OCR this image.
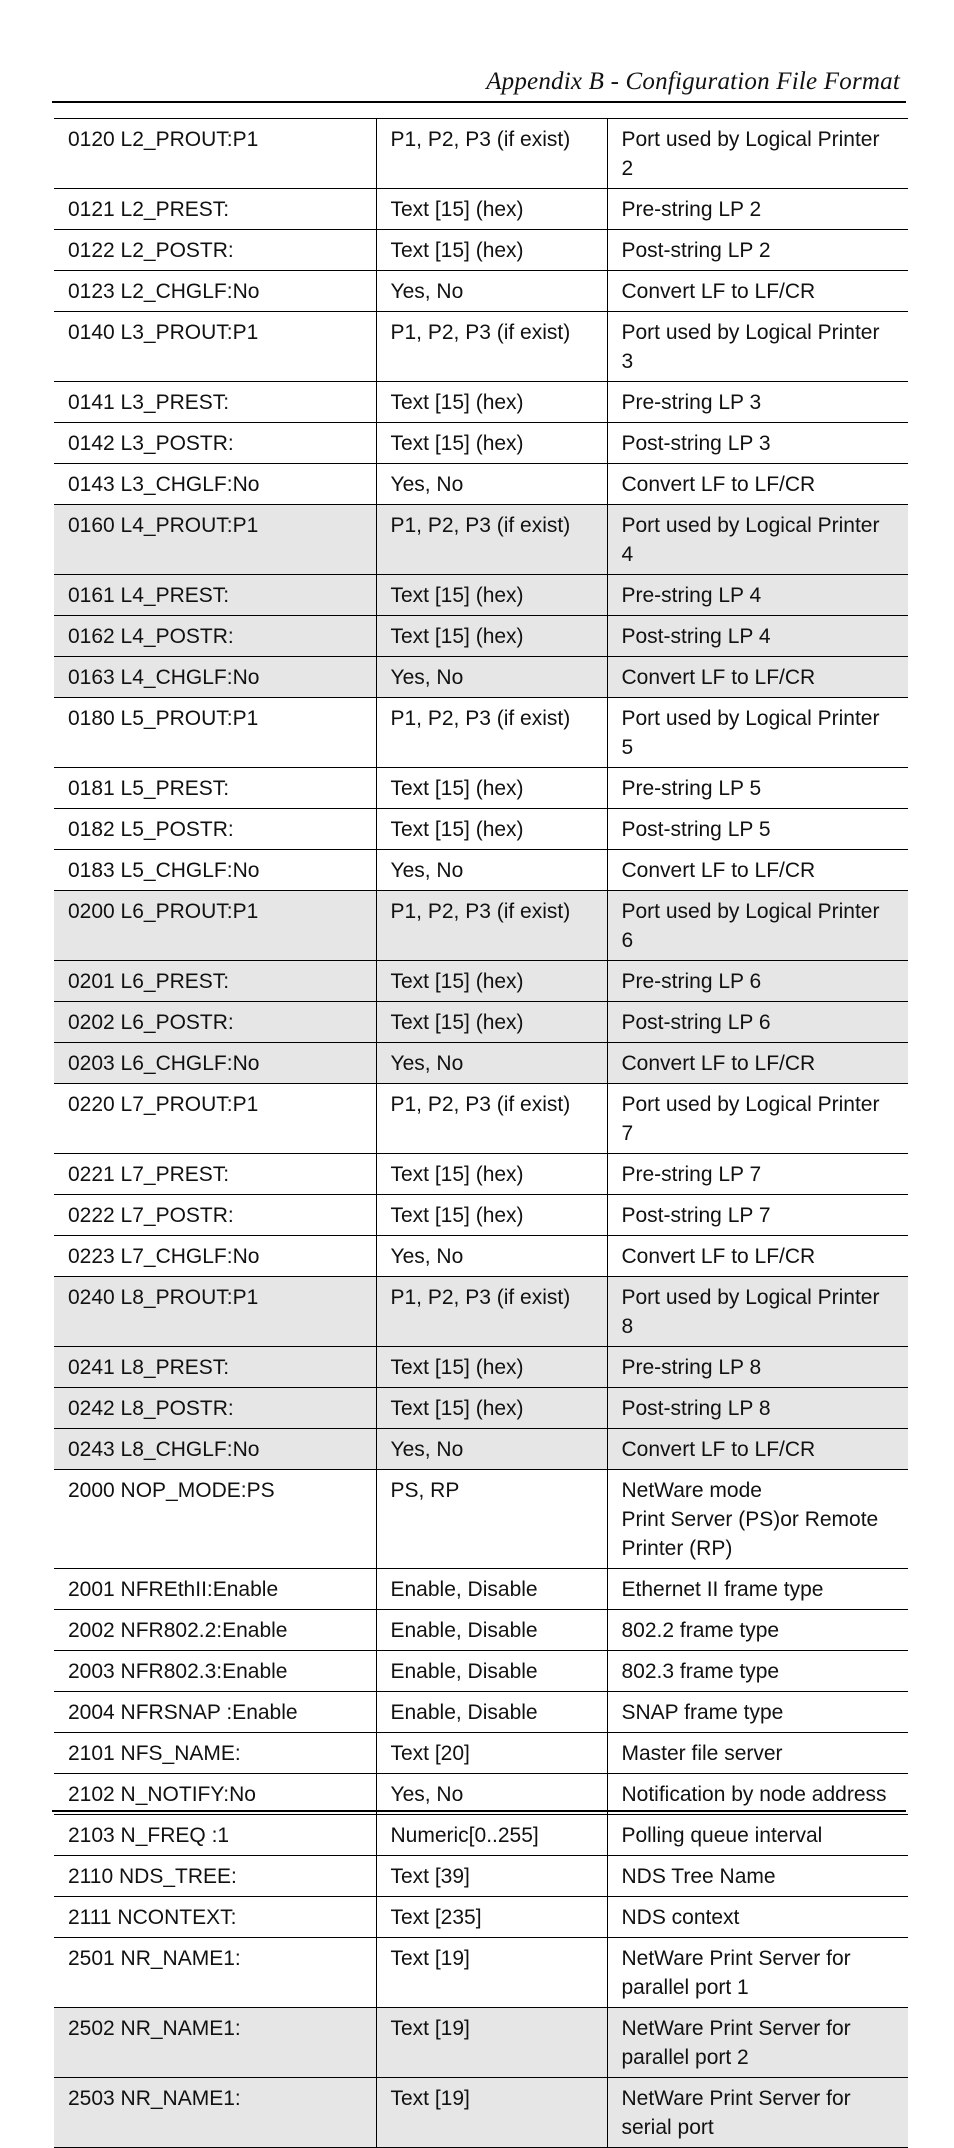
Appendix B - Configuration File Format
0120 L2_PROUT:P1	P1, P2, P3 (if exist)	Port used by Logical Printer 2

0121 L2_PREST:	Text [15] (hex)	Pre-string LP 2

0122 L2_POSTR:	Text [15] (hex)	Post-string LP 2

0123 L2_CHGLF:No	Yes, No	Convert LF to LF/CR

0140 L3_PROUT:P1	P1, P2, P3 (if exist)	Port used by Logical Printer 3

0141 L3_PREST:	Text [15] (hex)	Pre-string LP 3

0142 L3_POSTR:	Text [15] (hex)	Post-string LP 3

0143 L3_CHGLF:No	Yes, No	Convert LF to LF/CR

0160 L4_PROUT:P1	P1, P2, P3 (if exist)	Port used by Logical Printer 4

0161 L4_PREST:	Text [15] (hex)	Pre-string LP 4

0162 L4_POSTR:	Text [15] (hex)	Post-string LP 4

0163 L4_CHGLF:No	Yes, No	Convert LF to LF/CR

0180 L5_PROUT:P1	P1, P2, P3 (if exist)	Port used by Logical Printer 5

0181 L5_PREST:	Text [15] (hex)	Pre-string LP 5

0182 L5_POSTR:	Text [15] (hex)	Post-string LP 5

0183 L5_CHGLF:No	Yes, No	Convert LF to LF/CR

0200 L6_PROUT:P1	P1, P2, P3 (if exist)	Port used by Logical Printer 6

0201 L6_PREST:	Text [15] (hex)	Pre-string LP 6

0202 L6_POSTR:	Text [15] (hex)	Post-string LP 6

0203 L6_CHGLF:No	Yes, No	Convert LF to LF/CR

0220 L7_PROUT:P1	P1, P2, P3 (if exist)	Port used by Logical Printer 7

0221 L7_PREST:	Text [15] (hex)	Pre-string LP 7

0222 L7_POSTR:	Text [15] (hex)	Post-string LP 7

0223 L7_CHGLF:No	Yes, No	Convert LF to LF/CR

0240 L8_PROUT:P1	P1, P2, P3 (if exist)	Port used by Logical Printer 8

0241 L8_PREST:	Text [15] (hex)	Pre-string LP 8

0242 L8_POSTR:	Text [15] (hex)	Post-string LP 8

0243 L8_CHGLF:No	Yes, No	Convert LF to LF/CR

2000 NOP_MODE:PS	PS, RP	NetWare mode
Print Server (PS)or Remote Printer (RP)

2001 NFREthII:Enable	Enable, Disable	Ethernet II frame type

2002 NFR802.2:Enable	Enable, Disable	802.2 frame type

2003 NFR802.3:Enable	Enable, Disable	802.3 frame type

2004 NFRSNAP :Enable	Enable, Disable	SNAP frame type

2101 NFS_NAME:	Text [20]	Master file server

2102 N_NOTIFY:No	Yes, No	Notification by node address

2103 N_FREQ :1	Numeric[0..255]	Polling queue interval

2110 NDS_TREE:	Text [39]	NDS Tree Name

2111 NCONTEXT:	Text [235]	NDS context

2501 NR_NAME1:	Text [19]	NetWare Print Server for parallel port 1

2502 NR_NAME1:	Text [19]	NetWare Print Server for parallel port 2

2503 NR_NAME1:	Text [19]	NetWare Print Server for serial port
